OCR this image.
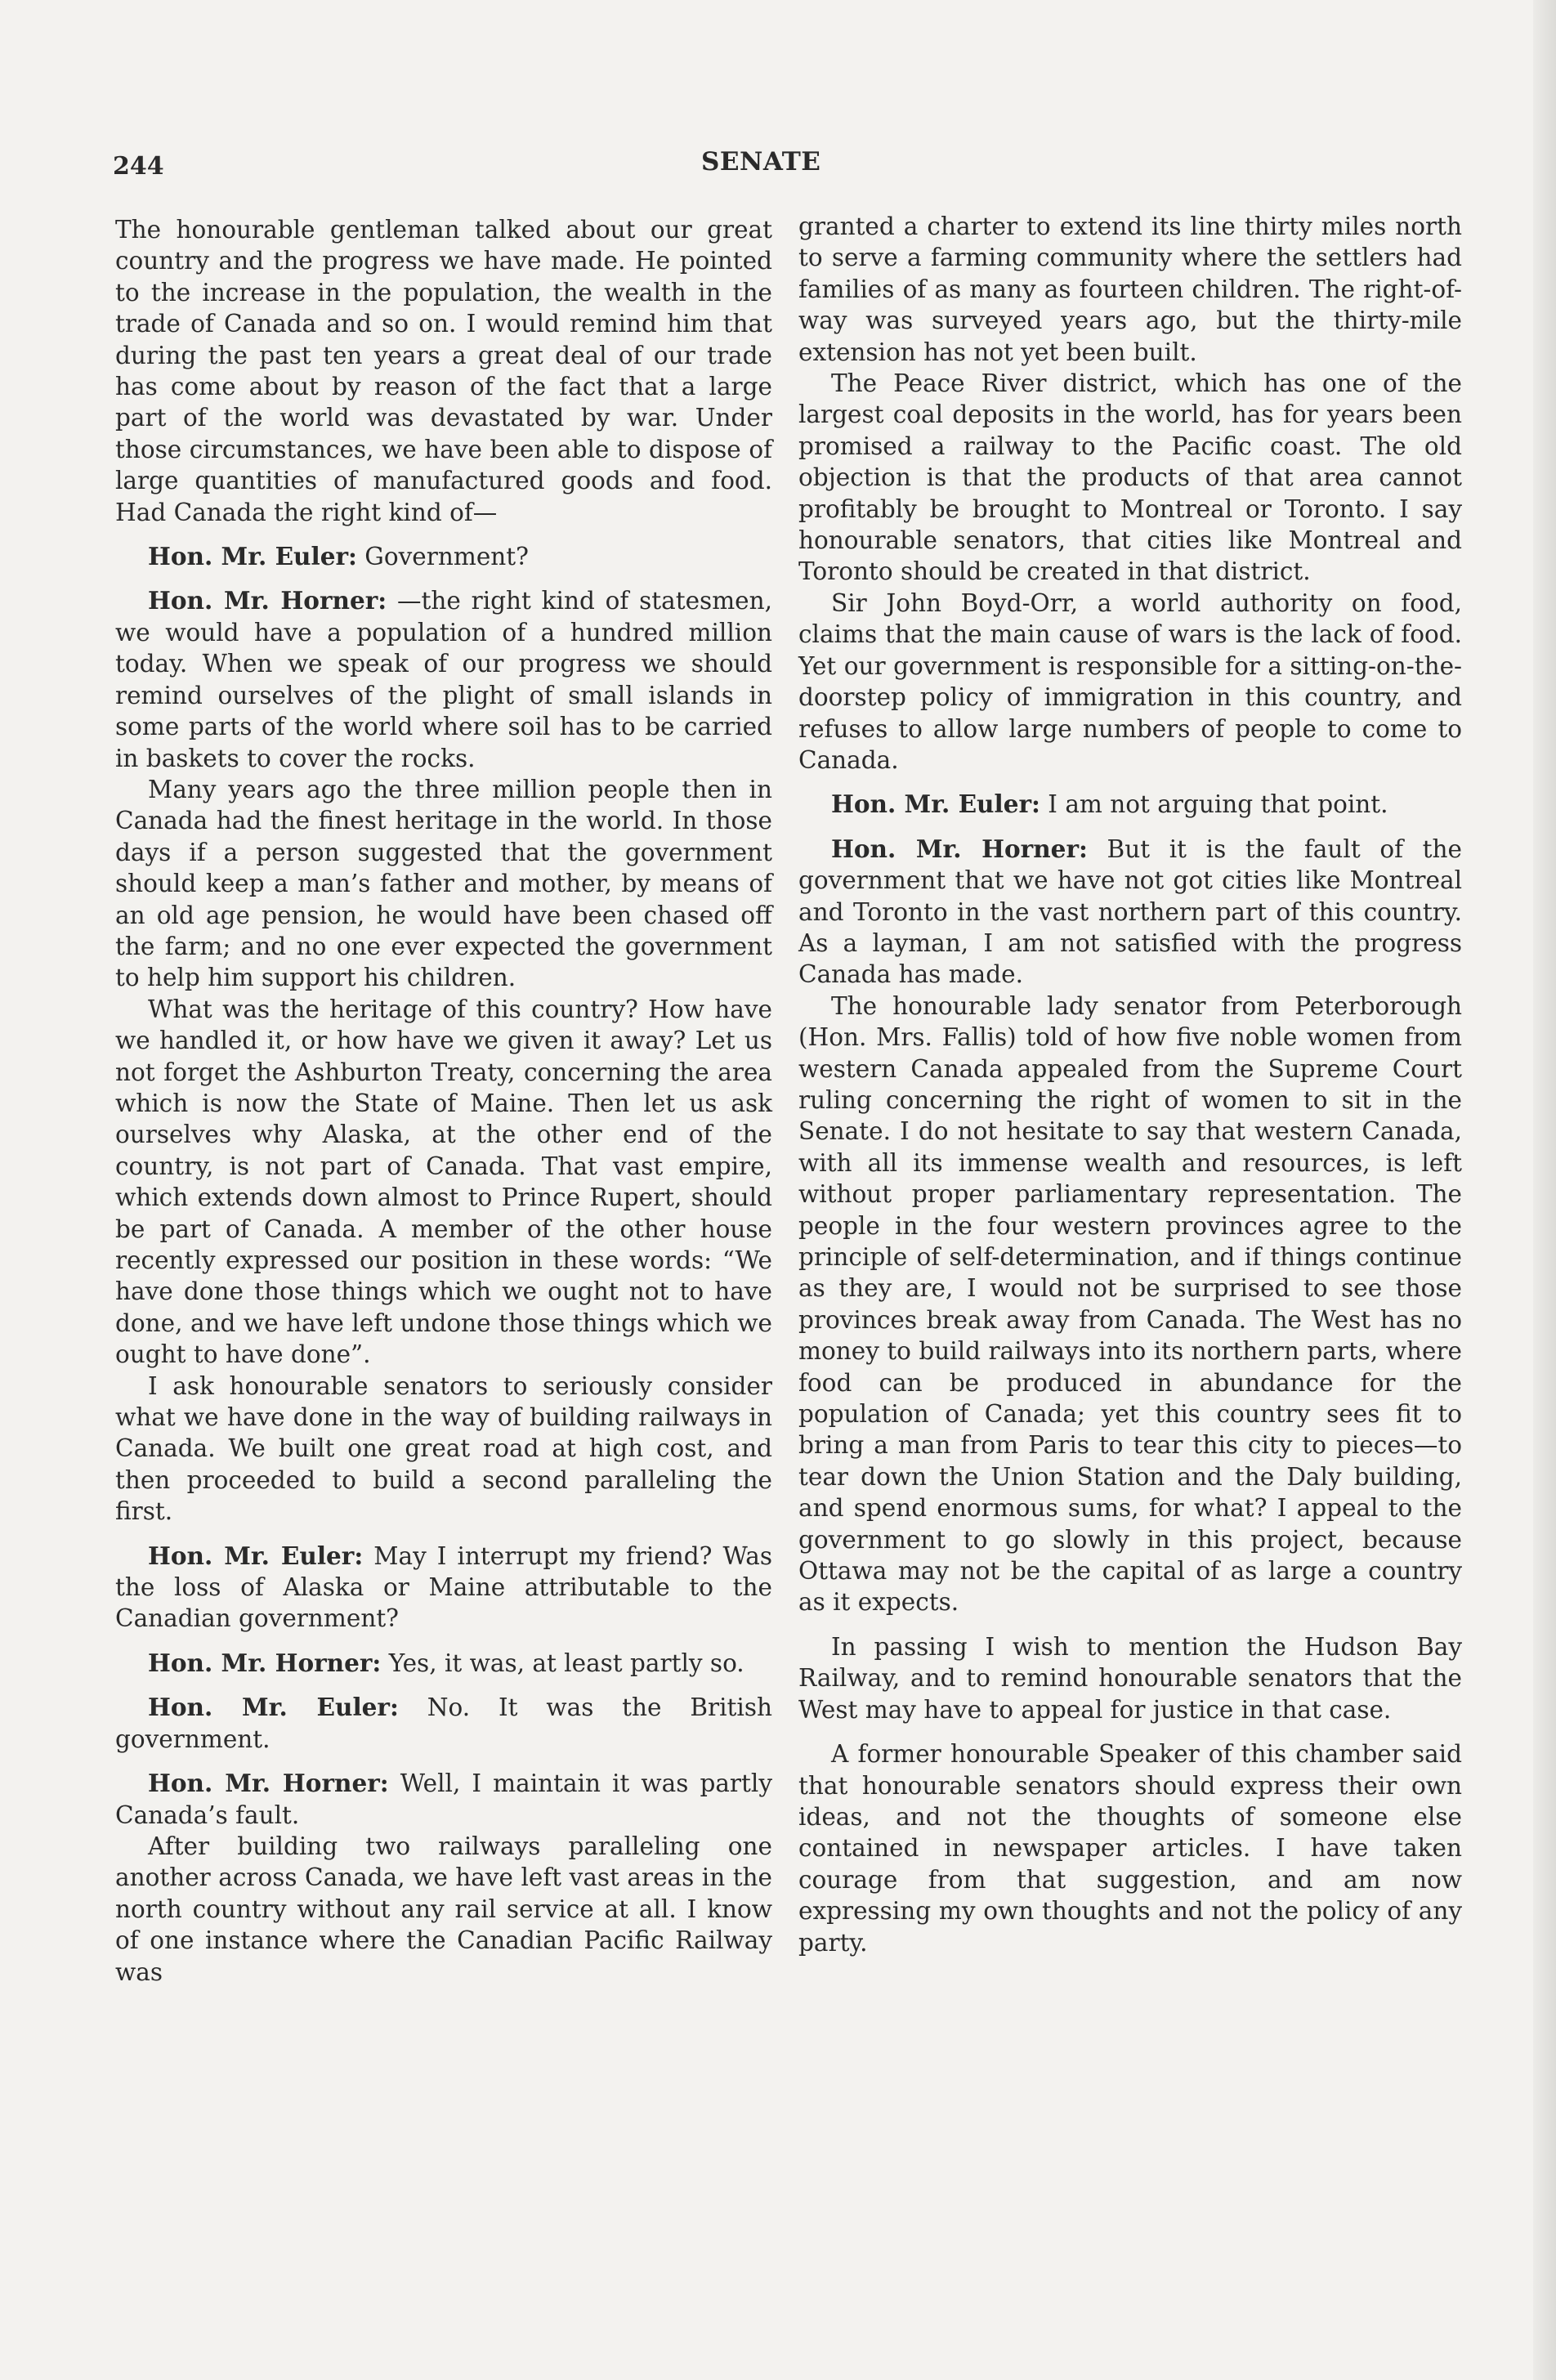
244	SENATE

The honourable gentleman talked about our great country and the progress we have made. He pointed to the increase in the population, the wealth in the trade of Canada and so on. I would remind him that during the past ten years a great deal of our trade has come about by reason of the fact that a large part of the world was devastated by war. Under those circumstances, we have been able to dispose of large quantities of manufactured goods and food. Had Canada the right kind of—

Hon. Mr. Euler: Government?

Hon. Mr. Horner: —the right kind of statesmen, we would have a population of a hundred million today. When we speak of our progress we should remind ourselves of the plight of small islands in some parts of the world where soil has to be carried in baskets to cover the rocks.

Many years ago the three million people then in Canada had the finest heritage in the world. In those days if a person suggested that the government should keep a man’s father and mother, by means of an old age pension, he would have been chased off the farm; and no one ever expected the government to help him support his children.

What was the heritage of this country? How have we handled it, or how have we given it away? Let us not forget the Ashburton Treaty, concerning the area which is now the State of Maine. Then let us ask ourselves why Alaska, at the other end of the country, is not part of Canada. That vast empire, which extends down almost to Prince Rupert, should be part of Canada. A member of the other house recently expressed our position in these words: “We have done those things which we ought not to have done, and we have left undone those things which we ought to have done”.

I ask honourable senators to seriously consider what we have done in the way of building railways in Canada. We built one great road at high cost, and then proceeded to build a second paralleling the first.

Hon. Mr. Euler: May I interrupt my friend? Was the loss of Alaska or Maine attributable to the Canadian government?

Hon. Mr. Horner: Yes, it was, at least partly so.

Hon. Mr. Euler: No. It was the British government.

Hon. Mr. Horner: Well, I maintain it was partly Canada’s fault.

After building two railways paralleling one another across Canada, we have left vast areas in the north country without any rail service at all. I know of one instance where the Canadian Pacific Railway was

granted a charter to extend its line thirty miles north to serve a farming community where the settlers had families of as many as fourteen children. The right-of-way was surveyed years ago, but the thirty-mile extension has not yet been built.

The Peace River district, which has one of the largest coal deposits in the world, has for years been promised a railway to the Pacific coast. The old objection is that the products of that area cannot profitably be brought to Montreal or Toronto. I say honourable senators, that cities like Montreal and Toronto should be created in that district.

Sir John Boyd-Orr, a world authority on food, claims that the main cause of wars is the lack of food. Yet our government is responsible for a sitting-on-the-doorstep policy of immigration in this country, and refuses to allow large numbers of people to come to Canada.

Hon. Mr. Euler: I am not arguing that point.

Hon. Mr. Horner: But it is the fault of the government that we have not got cities like Montreal and Toronto in the vast northern part of this country. As a layman, I am not satisfied with the progress Canada has made.

The honourable lady senator from Peterborough (Hon. Mrs. Fallis) told of how five noble women from western Canada appealed from the Supreme Court ruling concerning the right of women to sit in the Senate. I do not hesitate to say that western Canada, with all its immense wealth and resources, is left without proper parliamentary representation. The people in the four western provinces agree to the principle of self-determination, and if things continue as they are, I would not be surprised to see those provinces break away from Canada. The West has no money to build railways into its northern parts, where food can be produced in abundance for the population of Canada; yet this country sees fit to bring a man from Paris to tear this city to pieces—to tear down the Union Station and the Daly building, and spend enormous sums, for what? I appeal to the government to go slowly in this project, because Ottawa may not be the capital of as large a country as it expects.

In passing I wish to mention the Hudson Bay Railway, and to remind honourable senators that the West may have to appeal for justice in that case.

A former honourable Speaker of this chamber said that honourable senators should express their own ideas, and not the thoughts of someone else contained in newspaper articles. I have taken courage from that suggestion, and am now expressing my own thoughts and not the policy of any party.
